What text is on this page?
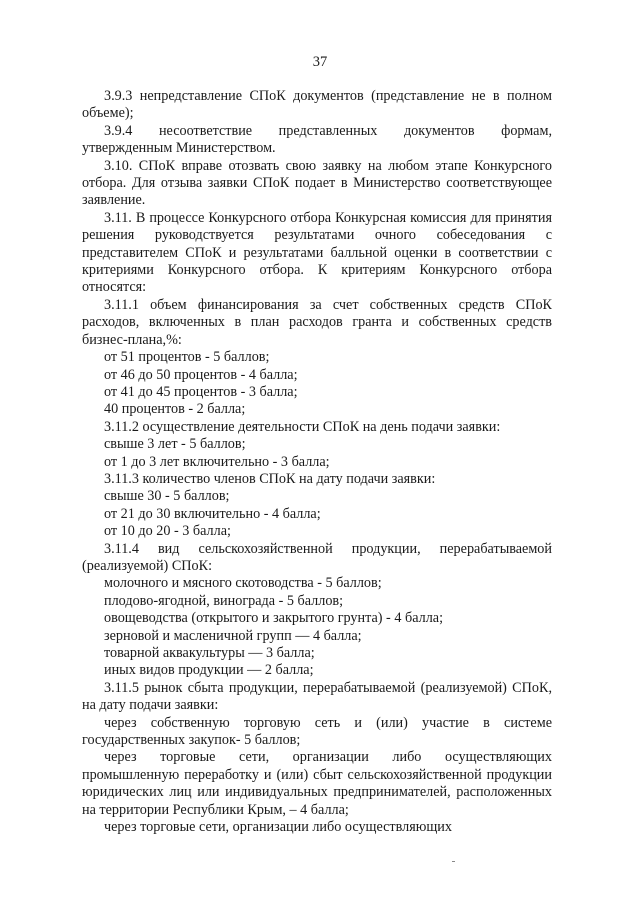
37

3.9.3 непредставление СПоК документов (представление не в полном объеме);

3.9.4 несоответствие представленных документов формам, утвержденным Министерством.

3.10. СПоК вправе отозвать свою заявку на любом этапе Конкурсного отбора. Для отзыва заявки СПоК подает в Министерство соответствующее заявление.

3.11. В процессе Конкурсного отбора Конкурсная комиссия для принятия решения руководствуется результатами очного собеседования с представителем СПоК и результатами балльной оценки в соответствии с критериями Конкурсного отбора. К критериям Конкурсного отбора относятся:

3.11.1 объем финансирования за счет собственных средств СПоК расходов, включенных в план расходов гранта и собственных средств бизнес-плана,%:

от 51 процентов - 5 баллов;

от 46 до 50 процентов - 4 балла;

от 41 до 45 процентов - 3 балла;

40 процентов - 2 балла;

3.11.2 осуществление деятельности СПоК на день подачи заявки:

свыше 3 лет - 5 баллов;

от 1 до 3 лет включительно - 3 балла;

3.11.3 количество членов СПоК на дату подачи заявки:

свыше 30 - 5 баллов;

от 21 до 30 включительно - 4 балла;

от 10 до 20 - 3 балла;

3.11.4 вид сельскохозяйственной продукции, перерабатываемой (реализуемой) СПоК:

молочного и мясного скотоводства - 5 баллов;

плодово-ягодной, винограда - 5 баллов;

овощеводства (открытого и закрытого грунта) - 4 балла;

зерновой и масленичной групп — 4 балла;

товарной аквакультуры — 3 балла;

иных видов продукции — 2 балла;

3.11.5 рынок сбыта продукции, перерабатываемой (реализуемой) СПоК, на дату подачи заявки:

через собственную торговую сеть и (или) участие в системе государственных закупок- 5 баллов;

через торговые сети, организации либо осуществляющих промышленную переработку и (или) сбыт сельскохозяйственной продукции юридических лиц или индивидуальных предпринимателей, расположенных на территории Республики Крым, – 4 балла;

через торговые сети, организации либо осуществляющих
